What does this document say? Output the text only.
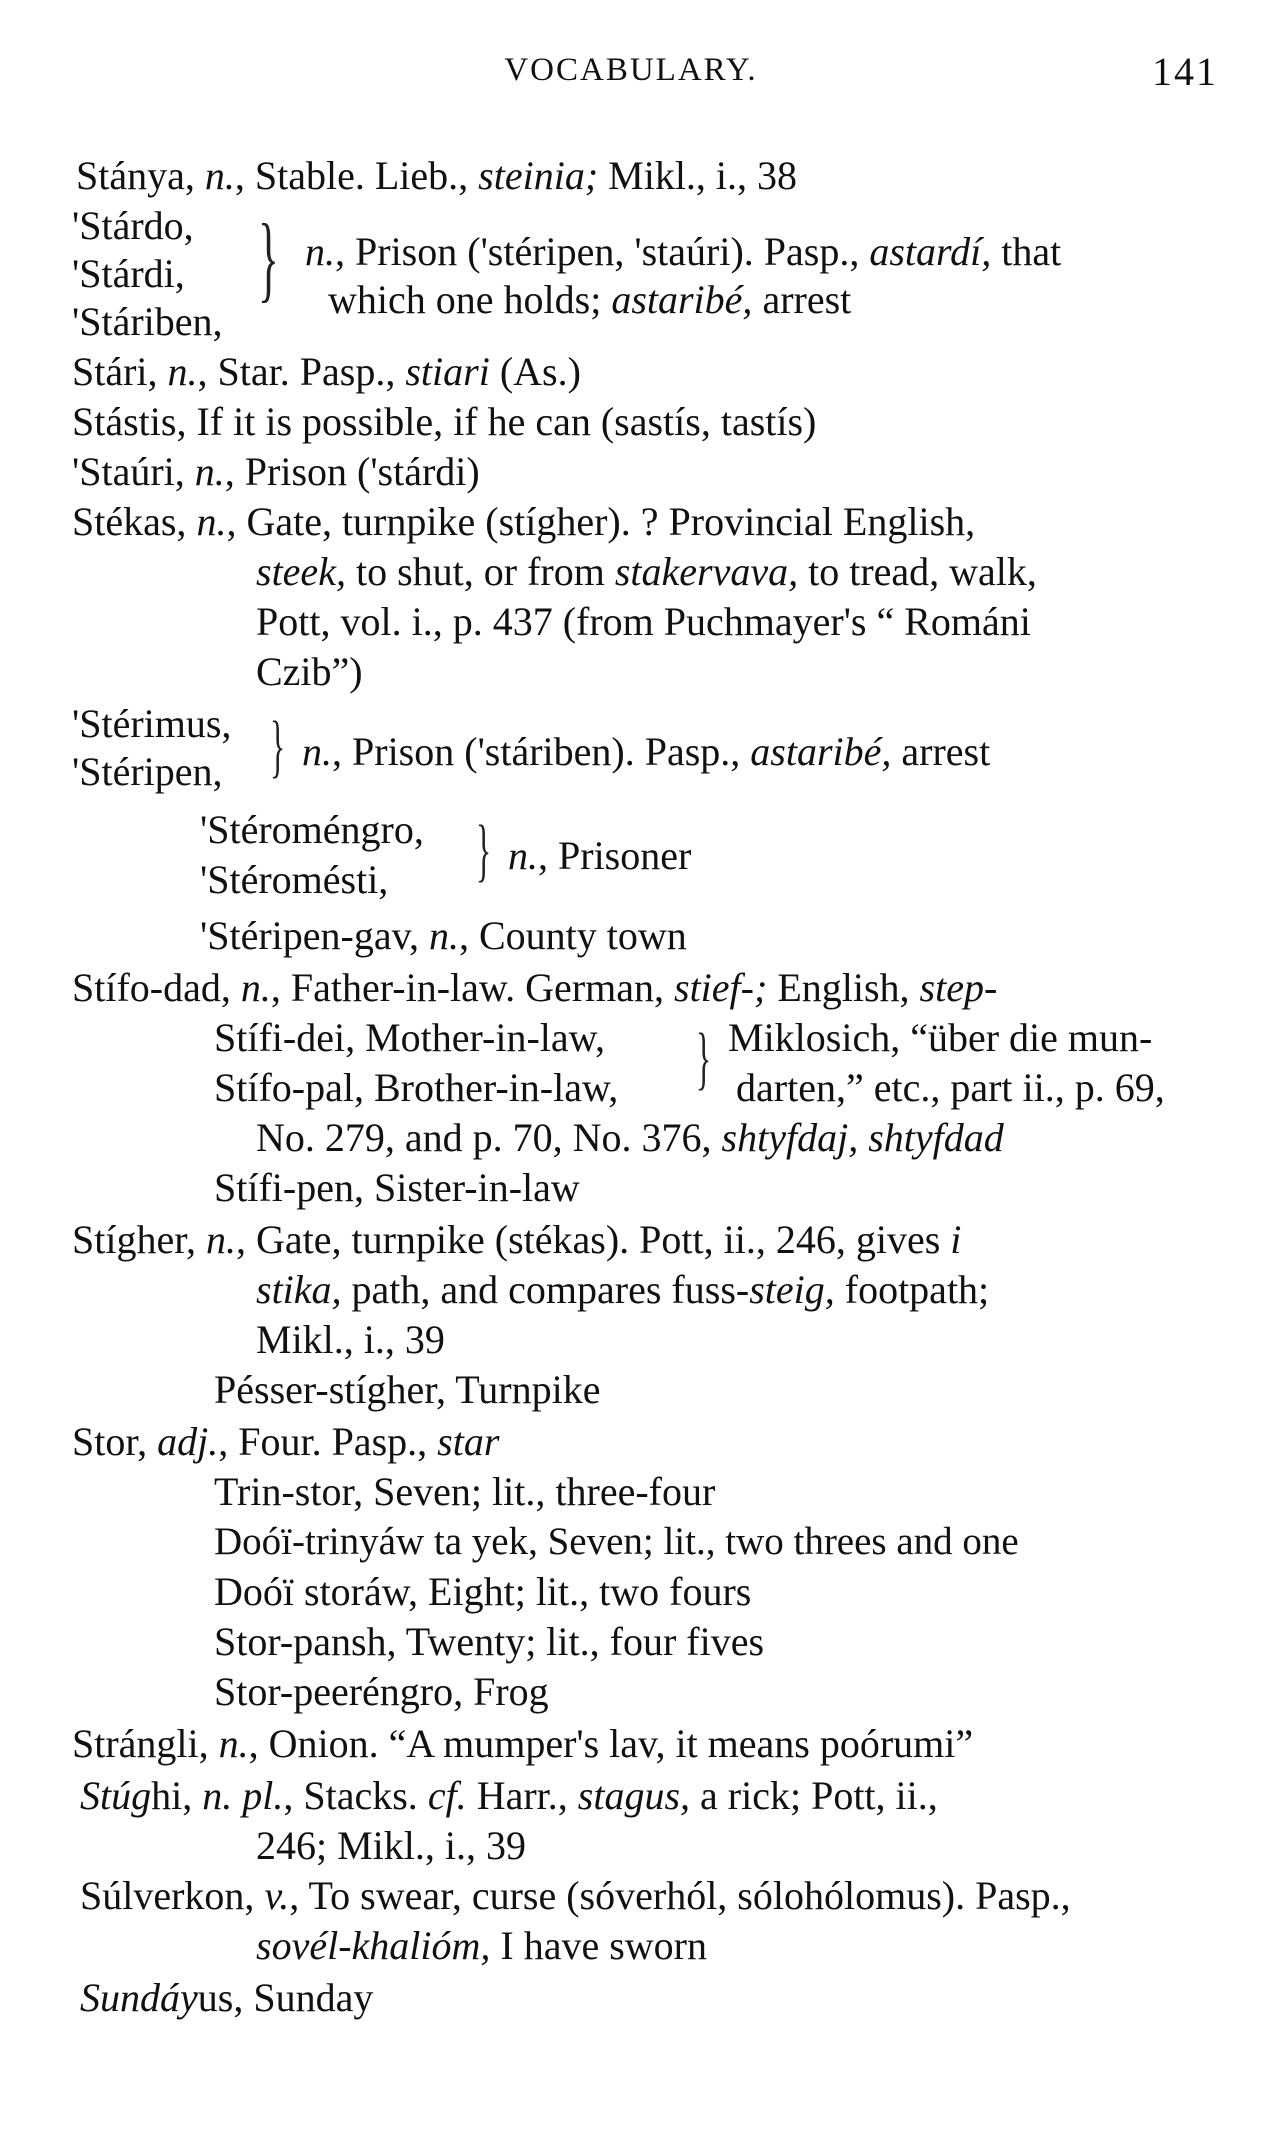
VOCABULARY.	141
Stánya, n., Stable. Lieb., steinia; Mikl., i., 38
'Stárdo,
'Stárdi,
'Stáriben,
} n., Prison ('stéripen, 'staúri). Pasp., astardí, that
which one holds; astaribé, arrest
Stári, n., Star. Pasp., stiari (As.)
Stástis, If it is possible, if he can (sastís, tastís)
'Staúri, n., Prison ('stárdi)
Stékas, n., Gate, turnpike (stígher). ? Provincial English,
steek, to shut, or from stakervava, to tread, walk,
Pott, vol. i., p. 437 (from Puchmayer's “ Románi
Czib”)
'Stérimus,
'Stéripen, } n., Prison ('stáriben). Pasp., astaribé, arrest
'Stéroméngro,
'Stéromésti, } n., Prisoner
'Stéripen-gav, n., County town
Stífo-dad, n., Father-in-law. German, stief-; English, step-
Stífi-dei, Mother-in-law,
Stífo-pal, Brother-in-law, } Miklosich, “über die mun-
darten,” etc., part ii., p. 69,
No. 279, and p. 70, No. 376, shtyfdaj, shtyfdad
Stífi-pen, Sister-in-law
Stígher, n., Gate, turnpike (stékas). Pott, ii., 246, gives i
stika, path, and compares fuss-steig, footpath;
Mikl., i., 39
Pésser-stígher, Turnpike
Stor, adj., Four. Pasp., star
Trin-stor, Seven; lit., three-four
Doóï-trinyáw ta yek, Seven; lit., two threes and one
Doóï storáw, Eight; lit., two fours
Stor-pansh, Twenty; lit., four fives
Stor-peeréngro, Frog
Strángli, n., Onion. “A mumper's lav, it means poórumi”
Stúghi, n. pl., Stacks. cf. Harr., stagus, a rick; Pott, ii.,
246; Mikl., i., 39
Súlverkon, v., To swear, curse (sóverhól, sólohólomus). Pasp.,
sovél-khalióm, I have sworn
Sundáyus, Sunday
